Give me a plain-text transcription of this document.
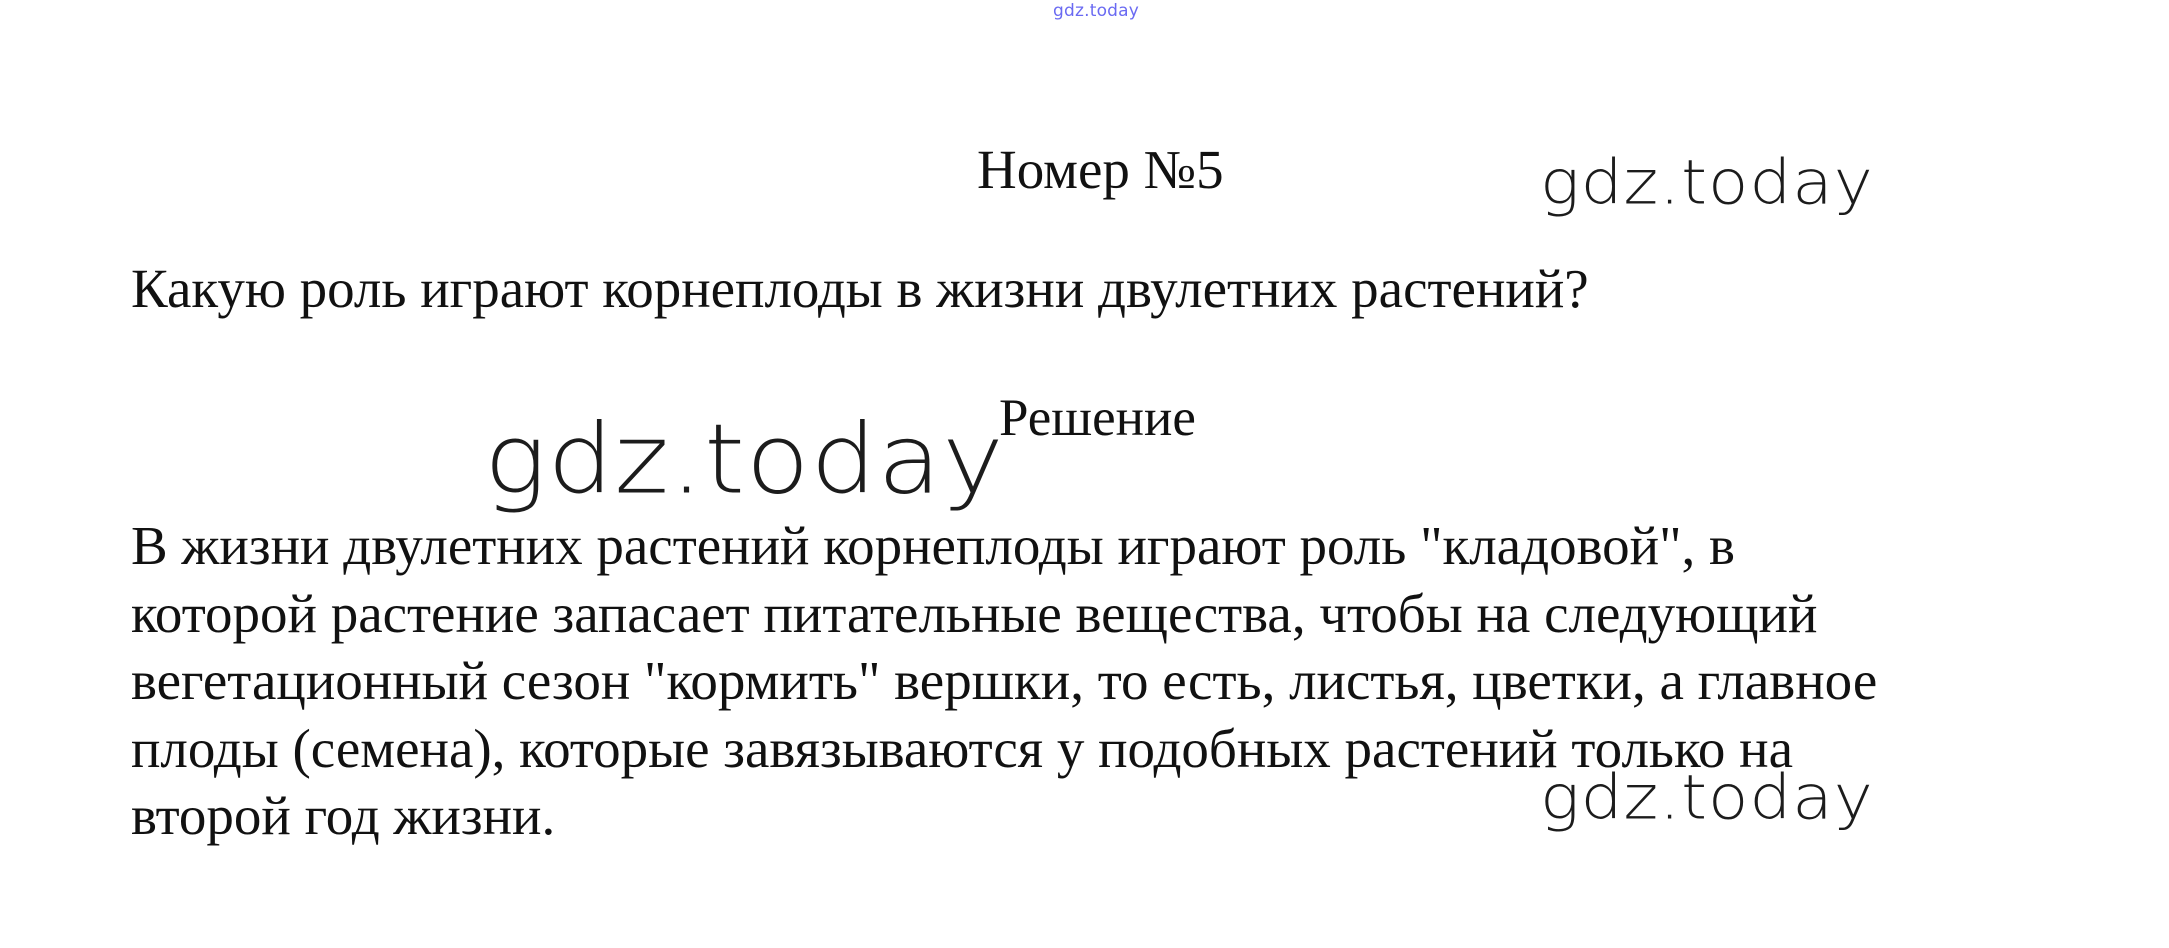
gdz.today
Номер №5	gdz.today
Какую роль играют корнеплоды в жизни двулетних растений?
gdz.today
Решение
В жизни двулетних растений корнеплоды играют роль "кладовой", в
которой растение запасает питательные вещества, чтобы на следующий
вегетационный сезон "кормить" вершки, то есть, листья, цветки, а главное
плоды (семена), которые завязываются у подобных растений только на
второй год жизни.	gdz.today
